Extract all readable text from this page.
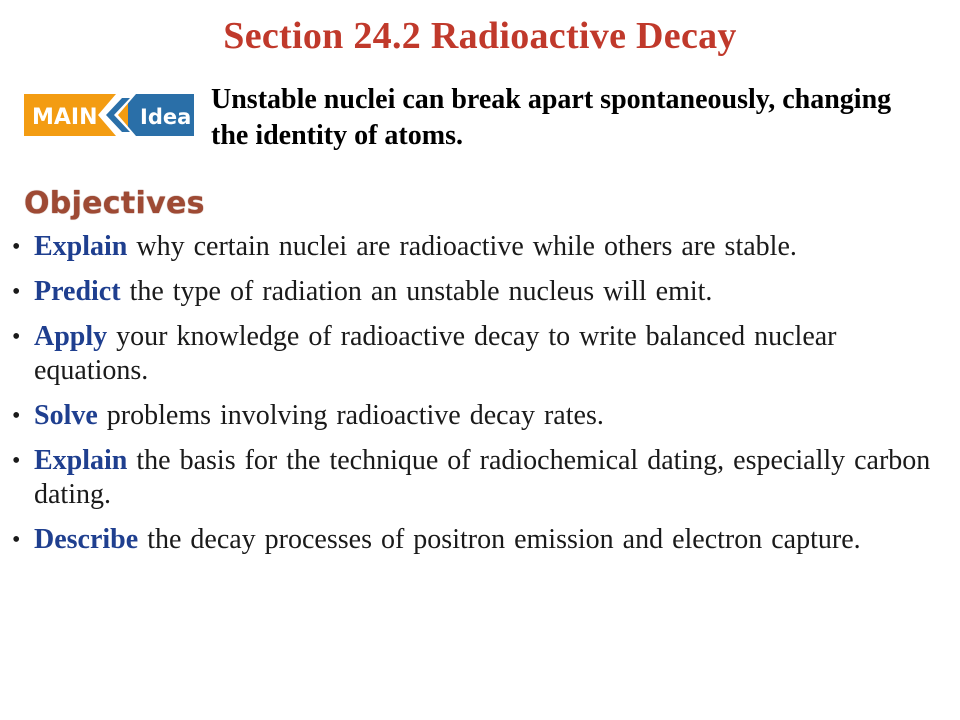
Section 24.2 Radioactive Decay
MAIN Idea
Unstable nuclei can break apart spontaneously, changing the identity of atoms.
Objectives
• Explain why certain nuclei are radioactive while others are stable.
• Predict the type of radiation an unstable nucleus will emit.
• Apply your knowledge of radioactive decay to write balanced nuclear equations.
• Solve problems involving radioactive decay rates.
• Explain the basis for the technique of radiochemical dating, especially carbon dating.
• Describe the decay processes of positron emission and electron capture.
